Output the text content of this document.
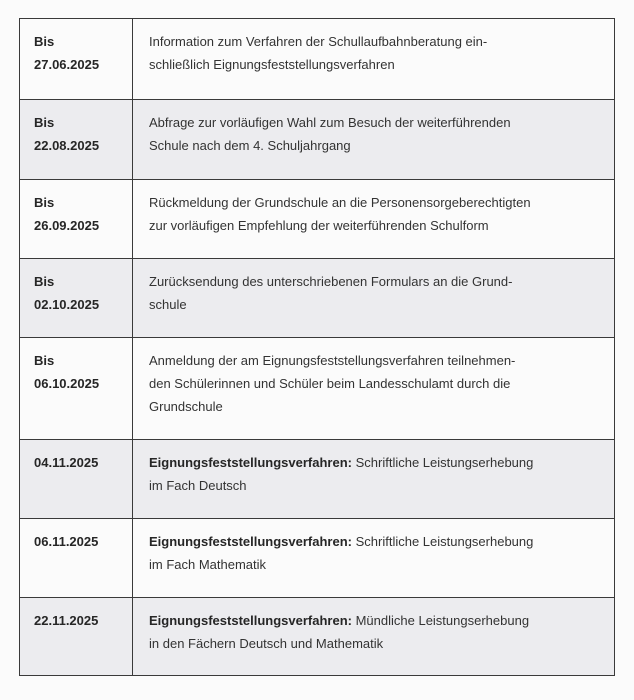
Bis
27.06.2025	Information zum Verfahren der Schullaufbahnberatung ein-
schließlich Eignungsfeststellungsverfahren

Bis
22.08.2025	Abfrage zur vorläufigen Wahl zum Besuch der weiterführenden
Schule nach dem 4. Schuljahrgang

Bis
26.09.2025	Rückmeldung der Grundschule an die Personensorgeberechtigten
zur vorläufigen Empfehlung der weiterführenden Schulform

Bis
02.10.2025	Zurücksendung des unterschriebenen Formulars an die Grund-
schule

Bis
06.10.2025	Anmeldung der am Eignungsfeststellungsverfahren teilnehmen-
den Schülerinnen und Schüler beim Landesschulamt durch die
Grundschule

04.11.2025	Eignungsfeststellungsverfahren: Schriftliche Leistungserhebung
im Fach Deutsch

06.11.2025	Eignungsfeststellungsverfahren: Schriftliche Leistungserhebung
im Fach Mathematik

22.11.2025	Eignungsfeststellungsverfahren: Mündliche Leistungserhebung
in den Fächern Deutsch und Mathematik
